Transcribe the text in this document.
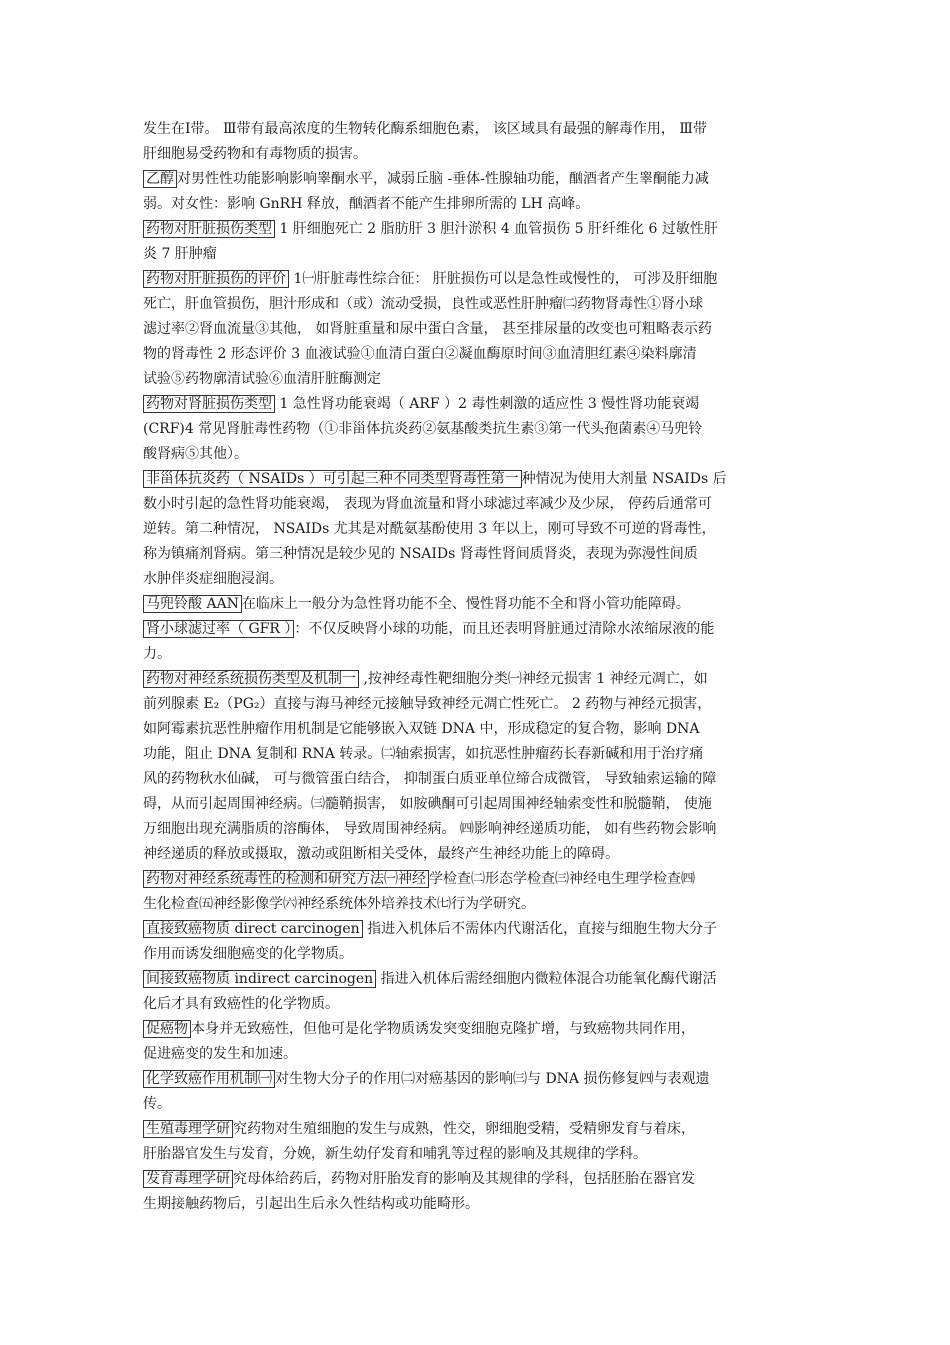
发生在Ⅰ带。 Ⅲ带有最高浓度的生物转化酶系细胞色素， 该区域具有最强的解毒作用， Ⅲ带
肝细胞易受药物和有毒物质的损害。
乙醇 对男性性功能影响影响睾酮水平，减弱丘脑 -垂体-性腺轴功能，酗酒者产生睾酮能力减
弱。对女性：影响 GnRH 释放，酗酒者不能产生排卵所需的 LH 高峰。
药物对肝脏损伤类型 1 肝细胞死亡 2 脂肪肝 3 胆汁淤积 4 血管损伤 5 肝纤维化 6 过敏性肝
炎 7 肝肿瘤
药物对肝脏损伤的评价 1㈠肝脏毒性综合征： 肝脏损伤可以是急性或慢性的， 可涉及肝细胞
死亡，肝血管损伤，胆汁形成和（或）流动受损，良性或恶性肝肿瘤㈡药物肾毒性①肾小球
滤过率②肾血流量③其他， 如肾脏重量和尿中蛋白含量， 甚至排尿量的改变也可粗略表示药
物的肾毒性 2 形态评价 3 血液试验①血清白蛋白②凝血酶原时间③血清胆红素④染料廓清
试验⑤药物廓清试验⑥血清肝脏酶测定
药物对肾脏损伤类型 1 急性肾功能衰竭（ ARF ）2 毒性刺激的适应性 3 慢性肾功能衰竭
(CRF)4 常见肾脏毒性药物（①非甾体抗炎药②氨基酸类抗生素③第一代头孢菌素④马兜铃
酸肾病⑤其他）。
非甾体抗炎药（ NSAIDs ）可引起三种不同类型肾毒性第一 种情况为使用大剂量 NSAIDs 后
数小时引起的急性肾功能衰竭， 表现为肾血流量和肾小球滤过率减少及少尿， 停药后通常可
逆转。第二种情况， NSAIDs 尤其是对酰氨基酚使用 3 年以上，刚可导致不可逆的肾毒性，
称为镇痛剂肾病。第三种情况是较少见的 NSAIDs 肾毒性肾间质肾炎，表现为弥漫性间质
水肿伴炎症细胞浸润。
马兜铃酸 AAN 在临床上一般分为急性肾功能不全、慢性肾功能不全和肾小管功能障碍。
肾小球滤过率（ GFR ） ：不仅反映肾小球的功能，而且还表明肾脏通过清除水浓缩尿液的能
力。
药物对神经系统损伤类型及机制一 ,按神经毒性靶细胞分类㈠神经元损害 1 神经元凋亡，如
前列腺素 E₂（PG₂）直接与海马神经元接触导致神经元凋亡性死亡。 2 药物与神经元损害，
如阿霉素抗恶性肿瘤作用机制是它能够嵌入双链 DNA 中，形成稳定的复合物，影响 DNA
功能，阻止 DNA 复制和 RNA 转录。㈡轴索损害，如抗恶性肿瘤药长春新碱和用于治疗痛
风的药物秋水仙碱， 可与微管蛋白结合， 抑制蛋白质亚单位缔合成微管， 导致轴索运输的障
碍，从而引起周围神经病。㈢髓鞘损害， 如胺碘酮可引起周围神经轴索变性和脱髓鞘， 使施
万细胞出现充满脂质的溶酶体， 导致周围神经病。 ㈣影响神经递质功能， 如有些药物会影响
神经递质的释放或摄取，激动或阻断相关受体，最终产生神经功能上的障碍。
药物对神经系统毒性的检测和研究方法㈠神经 学检查㈡形态学检查㈢神经电生理学检查㈣
生化检查㈤神经影像学㈥神经系统体外培养技术㈦行为学研究。
直接致癌物质 direct carcinogen 指进入机体后不需体内代谢活化，直接与细胞生物大分子
作用而诱发细胞癌变的化学物质。
间接致癌物质 indirect carcinogen 指进入机体后需经细胞内微粒体混合功能氧化酶代谢活
化后才具有致癌性的化学物质。
促癌物 本身并无致癌性，但他可是化学物质诱发突变细胞克隆扩增，与致癌物共同作用，
促进癌变的发生和加速。
化学致癌作用机制㈠ 对生物大分子的作用㈡对癌基因的影响㈢与 DNA 损伤修复㈣与表观遗
传。
生殖毒理学研 究药物对生殖细胞的发生与成熟，性交，卵细胞受精，受精卵发育与着床，
肝胎器官发生与发育，分娩，新生幼仔发育和哺乳等过程的影响及其规律的学科。
发育毒理学研 究母体给药后，药物对肝胎发育的影响及其规律的学科，包括胚胎在器官发
生期接触药物后，引起出生后永久性结构或功能畸形。
